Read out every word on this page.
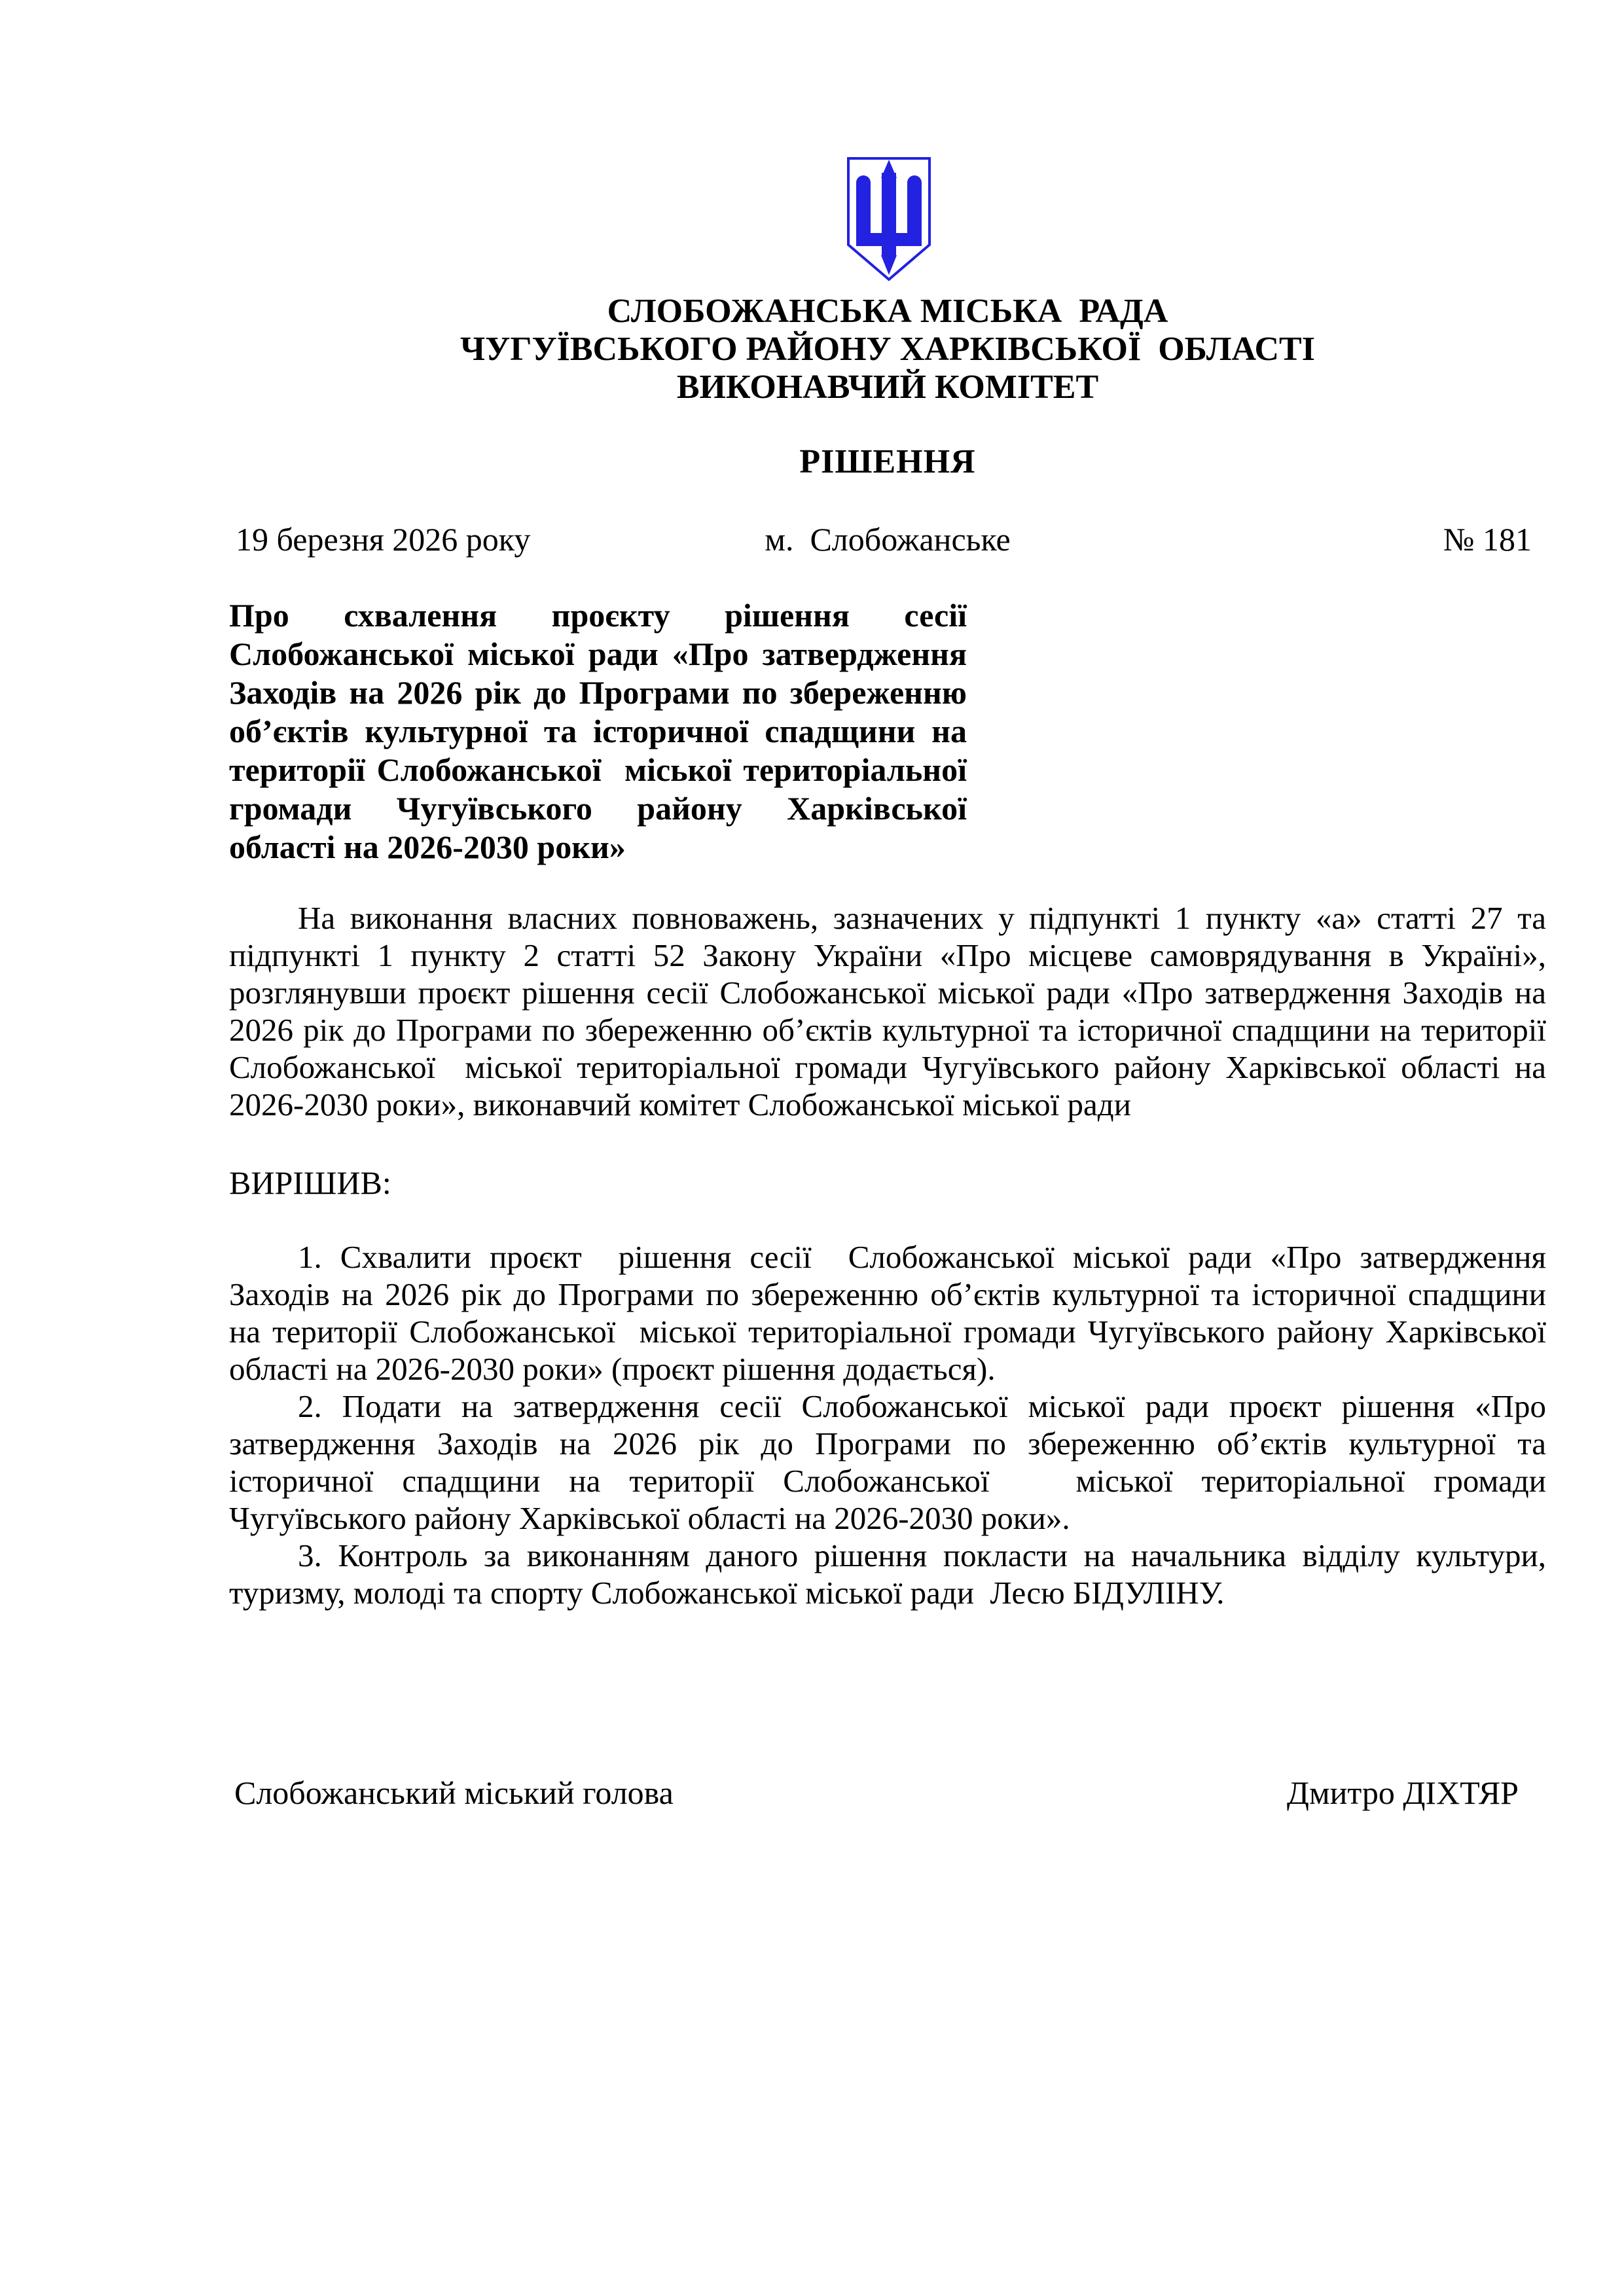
СЛОБОЖАНСЬКА МІСЬКА  РАДА
ЧУГУЇВСЬКОГО РАЙОНУ ХАРКІВСЬКОЇ  ОБЛАСТІ
ВИКОНАВЧИЙ КОМІТЕТ
РІШЕННЯ
19 березня 2026 року	м.  Слобожанське	№ 181
Про схвалення проєкту рішення сесії
Слобожанської міської ради «Про затвердження
Заходів на 2026 рік до Програми по збереженню
об’єктів культурної та історичної спадщини на
території Слобожанської  міської територіальної
громади Чугуївського району Харківської
області на 2026-2030 роки»
На виконання власних повноважень, зазначених у підпункті 1 пункту «а» статті 27 та
підпункті 1 пункту 2 статті 52 Закону України «Про місцеве самоврядування в Україні»,
розглянувши проєкт рішення сесії Слобожанської міської ради «Про затвердження Заходів на
2026 рік до Програми по збереженню об’єктів культурної та історичної спадщини на території
Слобожанської  міської територіальної громади Чугуївського району Харківської області на
2026-2030 роки», виконавчий комітет Слобожанської міської ради
ВИРІШИВ:
1. Схвалити проєкт  рішення сесії  Слобожанської міської ради «Про затвердження
Заходів на 2026 рік до Програми по збереженню об’єктів культурної та історичної спадщини
на території Слобожанської  міської територіальної громади Чугуївського району Харківської
області на 2026-2030 роки» (проєкт рішення додається).
2. Подати на затвердження сесії Слобожанської міської ради проєкт рішення «Про
затвердження Заходів на 2026 рік до Програми по збереженню об’єктів культурної та
історичної спадщини на території Слобожанської   міської територіальної громади
Чугуївського району Харківської області на 2026-2030 роки».
3. Контроль за виконанням даного рішення покласти на начальника відділу культури,
туризму, молоді та спорту Слобожанської міської ради  Лесю БІДУЛІНУ.
Слобожанський міський голова	Дмитро ДІХТЯР
